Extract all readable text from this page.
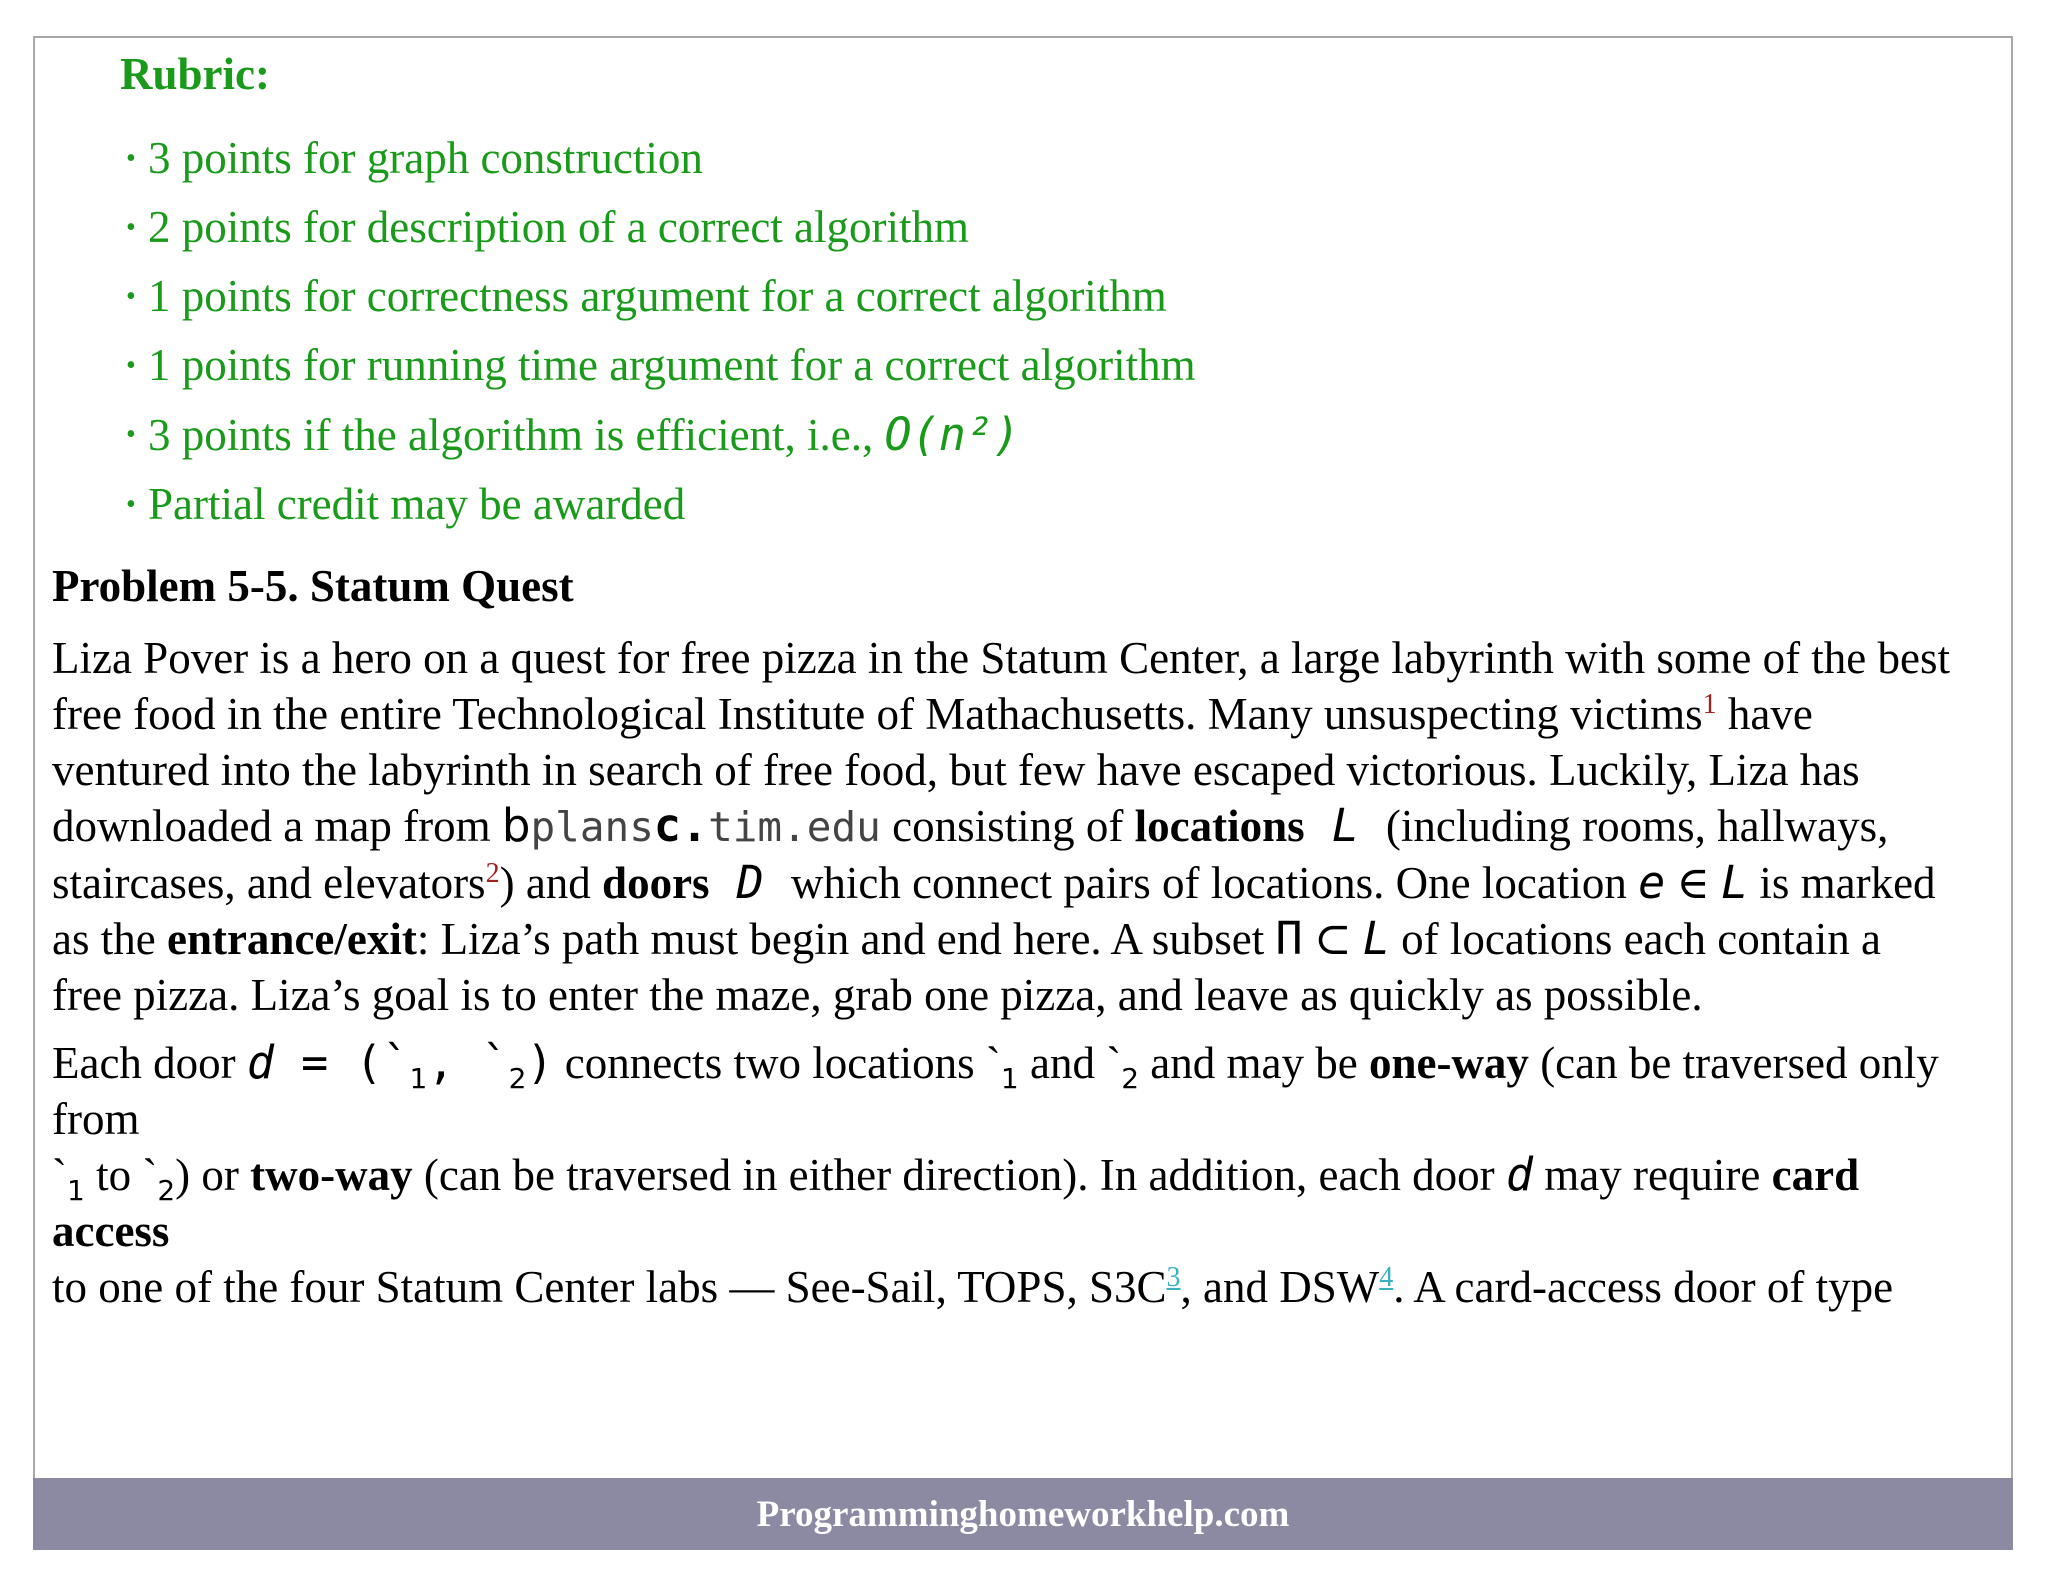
Rubric:
• 3 points for graph construction
• 2 points for description of a correct algorithm
• 1 points for correctness argument for a correct algorithm
• 1 points for running time argument for a correct algorithm
• 3 points if the algorithm is efficient, i.e., O(n²)
• Partial credit may be awarded
Problem 5-5. Statum Quest

Liza Pover is a hero on a quest for free pizza in the Statum Center, a large labyrinth with some of the best free food in the entire Technological Institute of Mathachusetts. Many unsuspecting victims$^1$ have ventured into the labyrinth in search of free food, but few have escaped victorious. Luckily, Liza has downloaded a map from bplansc.tim.edu consisting of locations L (including rooms, hallways, staircases, and elevators$^2$) and doors D which connect pairs of locations. One location e ∈ L is marked as the entrance/exit: Liza’s path must begin and end here. A subset Π ⊂ L of locations each contain a free pizza. Liza’s goal is to enter the maze, grab one pizza, and leave as quickly as possible.

Each door $d = (`_1$, $`_2$) connects two locations $`_1$ and $`_2$ and may be one-way (can be traversed only from
$`_1$ to $`_2$) or two-way (can be traversed in either direction). In addition, each door d may require card access
to one of the four Statum Center labs — See-Sail, TOPS, S3C$^3$, and DSW$^4$. A card-access door of type

Programminghomeworkhelp.com
